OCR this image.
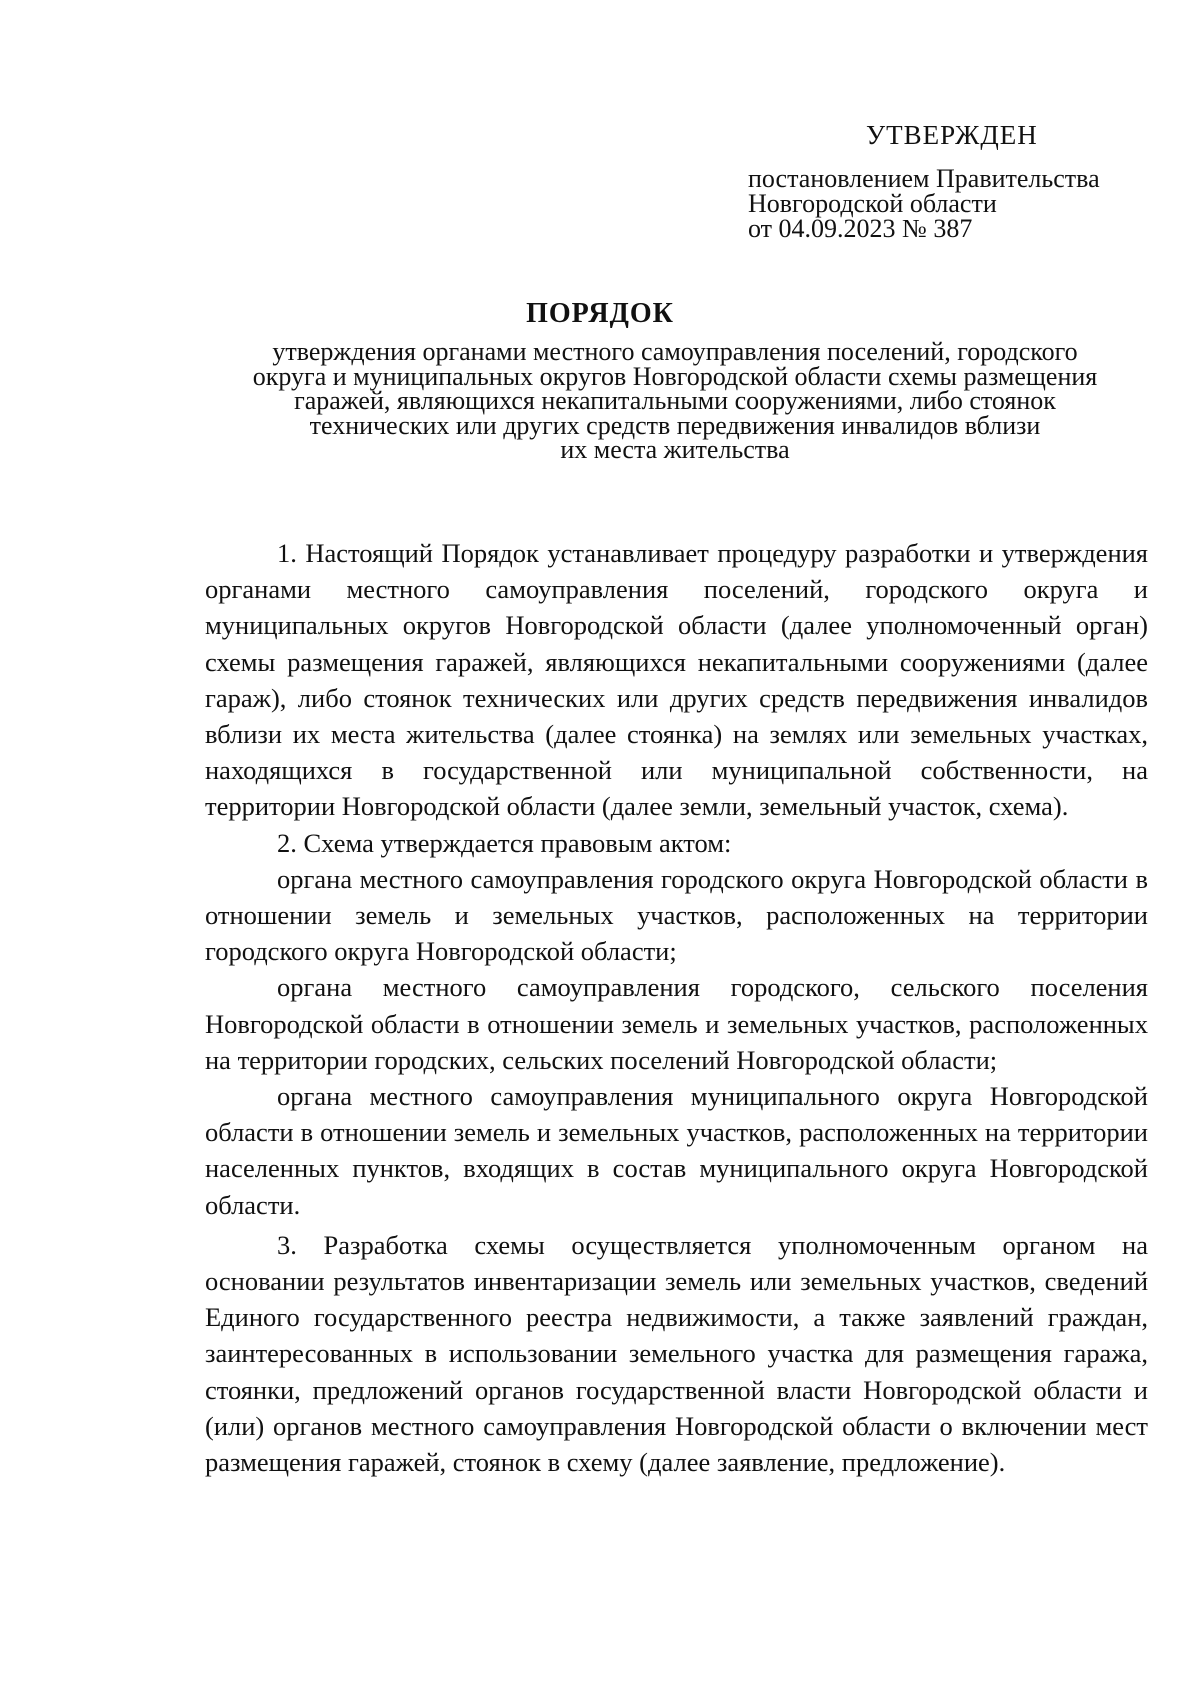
УТВЕРЖДЕН
постановлением Правительства
Новгородской области
от 04.09.2023 № 387
ПОРЯДОК
утверждения органами местного самоуправления поселений, городского
округа и муниципальных округов Новгородской области схемы размещения
гаражей, являющихся некапитальными сооружениями, либо стоянок
технических или других средств передвижения инвалидов вблизи
их места жительства

1. Настоящий Порядок устанавливает процедуру разработки и утверждения органами местного самоуправления поселений, городского округа и муниципальных округов Новгородской области (далее уполномоченный орган) схемы размещения гаражей, являющихся некапитальными сооружениями (далее гараж), либо стоянок технических или других средств передвижения инвалидов вблизи их места жительства (далее стоянка) на землях или земельных участках, находящихся в государственной или муниципальной собственности, на территории Новгородской области (далее земли, земельный участок, схема).

2. Схема утверждается правовым актом:

органа местного самоуправления городского округа Новгородской области в отношении земель и земельных участков, расположенных на территории городского округа Новгородской области;

органа местного самоуправления городского, сельского поселения Новгородской области в отношении земель и земельных участков, расположенных на территории городских, сельских поселений Новгородской области;

органа местного самоуправления муниципального округа Новгородской области в отношении земель и земельных участков, расположенных на территории населенных пунктов, входящих в состав муниципального округа Новгородской области.

3. Разработка схемы осуществляется уполномоченным органом на основании результатов инвентаризации земель или земельных участков, сведений Единого государственного реестра недвижимости, а также заявлений граждан, заинтересованных в использовании земельного участка для размещения гаража, стоянки, предложений органов государственной власти Новгородской области и (или) органов местного самоуправления Новгородской области о включении мест размещения гаражей, стоянок в схему (далее заявление, предложение).
